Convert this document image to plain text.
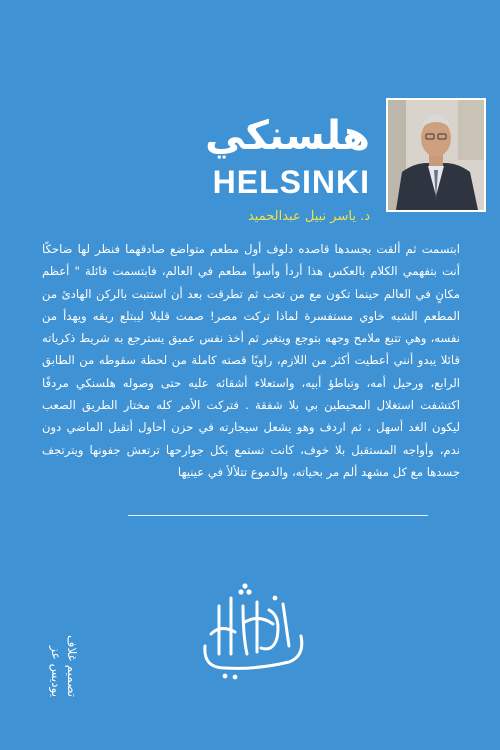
هلسنكي
HELSINKI
د. ياسر نبيل عبدالحميد
ابتسمت ثم ألقت بجسدها قاصده دلوف أول مطعم متواضع صادقهما فنظر لها ضاحكًا أنت بتفهمي الكلام بالعكس هذا أردأ وأسوأ مطعم في العالم، فابتسمت قائلة " أعظم مكانٍ في العالم حينما تكون مع من تحب ثم تطرقت بعد أن استتبت بالركن الهادئ من المطعم الشبه خاوي مستفسرة لماذا تركت مصر! صمت قليلا ليبتلع ريقه ويهدأ من نفسه، وهي تتبع ملامح وجهه بتوجع ويتغير ثم أخذ نفس عميق يسترجع به شريط ذكرياته قائلا يبدو أنني أعطيت أكثر من اللازم، راويًا قصته كاملة من لحظة سقوطه من الطابق الرابع، ورحيل أمه، وتباطؤ أبيه، واستعلاء أشقائه عليه حتى وصوله هلسنكي مردفًا اكتشفت استغلال المحيطين بي بلا شفقة . فتركت الأمر كله مختار الطريق الصعب ليكون الغد أسهل ، ثم اردف وهو يشعل سيجارته في حزن أحاول أتقبل الماضي دون ندم، وأواجه المستقبل بلا خوف، كانت تستمع بكل جوارحها ترتعش جفونها ويترتجف جسدها مع كل مشهد ألم مر بحياته، والدموع تتلألأ في عينيها
تصميم غلاف
يوديس عز
